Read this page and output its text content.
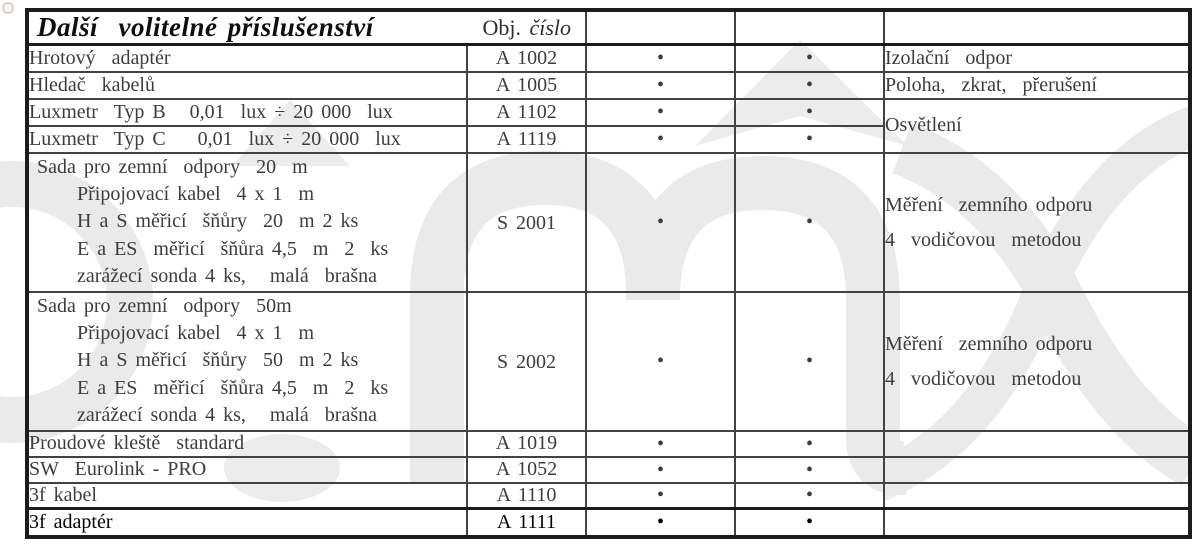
Další  volitelné příslušenství Obj. číslo				

Hrotový  adaptér	A 1002	•	•	Izolační  odpor
Hledač  kabelů	A 1005	•	•	Poloha,  zkrat,  přerušení
Luxmetr  Typ B   0,01  lux ÷ 20 000  lux	A 1102	•	•	Osvětlení
Luxmetr  Typ C    0,01  lux ÷ 20 000  lux	A 1119	•	•	

Sada pro zemní  odpory  20  m
Připojovací kabel  4 x 1  m
H a S měřicí  šňůry  20  m 2 ks
E a ES  měřicí  šňůra 4,5  m  2  ks
zarážecí sonda 4 ks,   malá  brašna	S 2001	•	•	Měření  zemního odporu
4  vodičovou  metodou

Sada pro zemní  odpory  50m
Připojovací kabel  4 x 1  m
H a S měřicí  šňůry  50  m 2 ks
E a ES  měřicí  šňůra 4,5  m  2  ks
zarážecí sonda 4 ks,   malá  brašna	S 2002	•	•	Měření  zemního odporu
4  vodičovou  metodou

Proudové kleště  standard	A 1019	•	•	
SW  Eurolink - PRO	A 1052	•	•	
3f kabel	A 1110	•	•	
3f adaptér	A 1111	•	•	
